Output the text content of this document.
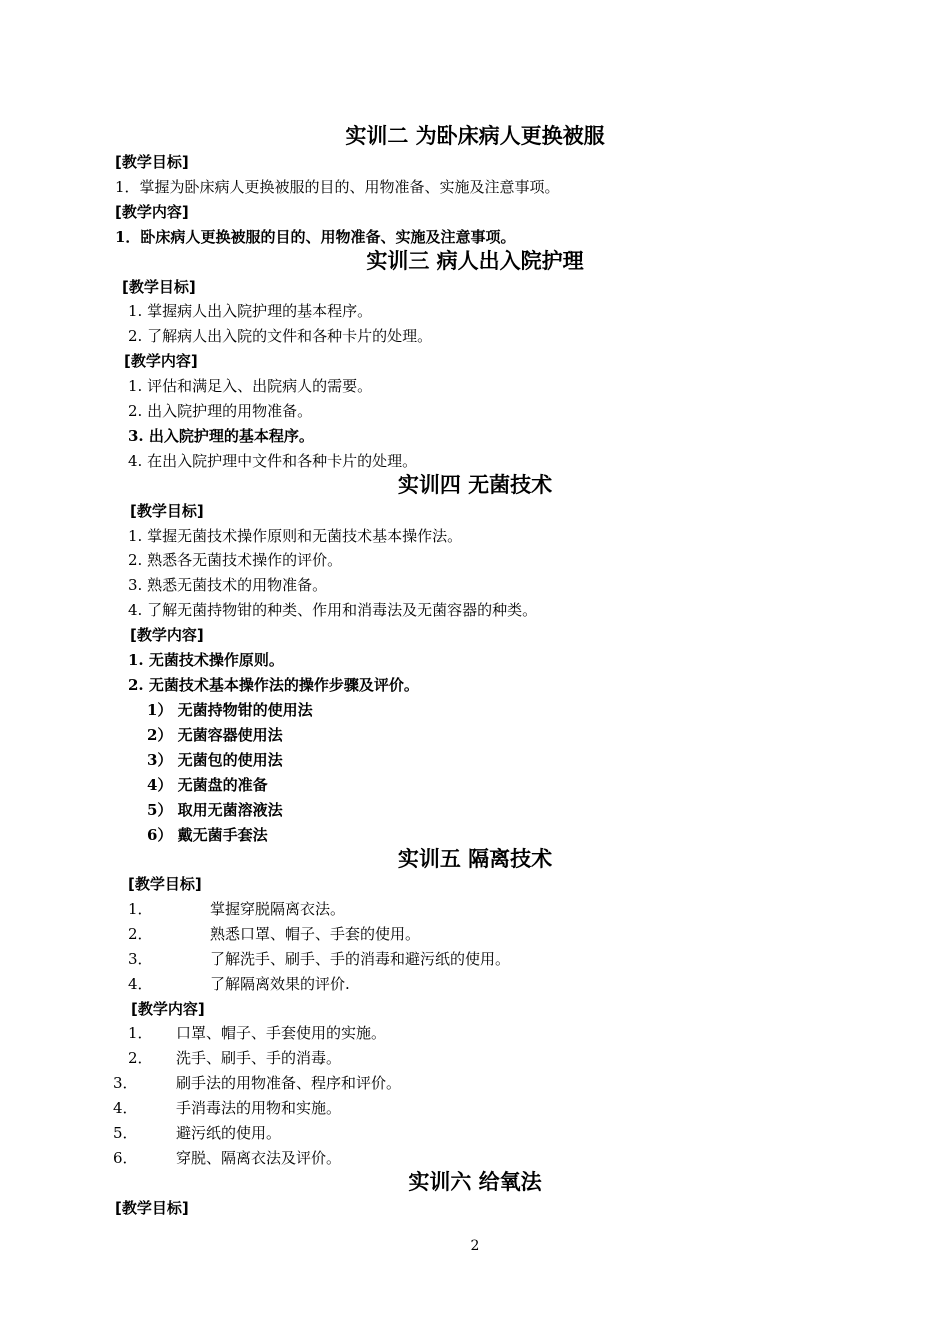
实训二 为卧床病人更换被服
[教学目标]
1．掌握为卧床病人更换被服的目的、用物准备、实施及注意事项。
[教学内容]
1．卧床病人更换被服的目的、用物准备、实施及注意事项。
实训三 病人出入院护理
[教学目标]
1. 掌握病人出入院护理的基本程序。
2. 了解病人出入院的文件和各种卡片的处理。
[教学内容]
1. 评估和满足入、出院病人的需要。
2. 出入院护理的用物准备。
3. 出入院护理的基本程序。
4. 在出入院护理中文件和各种卡片的处理。
实训四 无菌技术
[教学目标]
1. 掌握无菌技术操作原则和无菌技术基本操作法。
2. 熟悉各无菌技术操作的评价。
3. 熟悉无菌技术的用物准备。
4. 了解无菌持物钳的种类、作用和消毒法及无菌容器的种类。
[教学内容]
1. 无菌技术操作原则。
2. 无菌技术基本操作法的操作步骤及评价。
1） 无菌持物钳的使用法
2） 无菌容器使用法
3） 无菌包的使用法
4） 无菌盘的准备
5） 取用无菌溶液法
6） 戴无菌手套法
实训五 隔离技术
[教学目标]
1．	掌握穿脱隔离衣法。
2．	熟悉口罩、帽子、手套的使用。
3．	了解洗手、刷手、手的消毒和避污纸的使用。
4．	了解隔离效果的评价.
[教学内容]
1． 口罩、帽子、手套使用的实施。
2． 洗手、刷手、手的消毒。
3．	刷手法的用物准备、程序和评价。
4．	手消毒法的用物和实施。
5．	避污纸的使用。
6．	穿脱、隔离衣法及评价。
实训六 给氧法
[教学目标]
2
